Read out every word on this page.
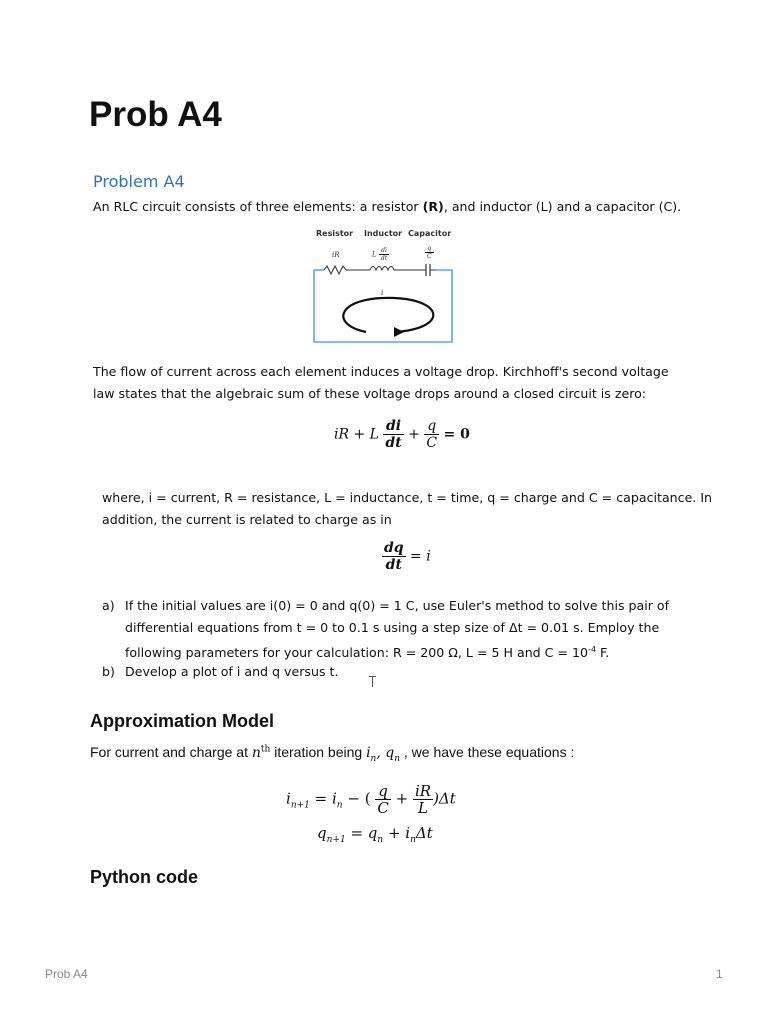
Prob A4
Problem A4
An RLC circuit consists of three elements: a resistor (R), and inductor (L) and a capacitor (C).
Resistor Inductor Capacitor
iR	L $\frac{di}{dt}$	$\frac{q}{C}$
i
The flow of current across each element induces a voltage drop. Kirchhoff's second voltage
law states that the algebraic sum of these voltage drops around a closed circuit is zero:
iR + L $\frac{di}{dt} + \frac{q}{C} = 0$
where, i = current, R = resistance, L = inductance, t = time, q = charge and C = capacitance. In
addition, the current is related to charge as in
$\frac{dq}{dt} = i$
a) If the initial values are i(0) = 0 and q(0) = 1 C, use Euler's method to solve this pair of
differential equations from t = 0 to 0.1 s using a step size of Δt = 0.01 s. Employ the
following parameters for your calculation: R = 200 Ω, L = 5 H and $C = 10^{-4}$ F.
b) Develop a plot of i and q versus t.
Approximation Model
For current and charge at $n^{th}$ iteration being $i_n$, $q_n$ , we have these equations :
$i_{n+1} = i_n$ − ( $\frac{q}{C} + \frac{iR}{L} )\Delta t$
$q_{n+1} = q_n + i_n\Delta t$
Python code
Prob A4	1
